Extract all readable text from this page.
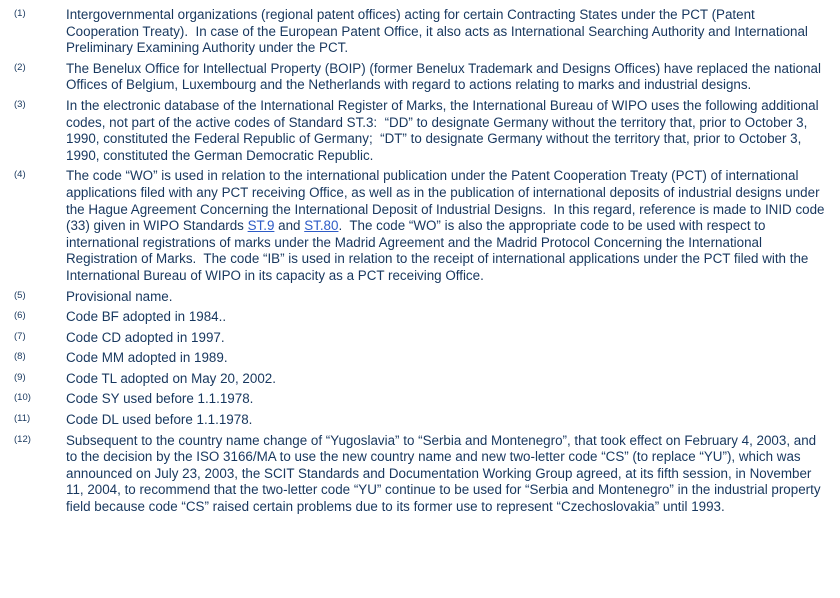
(1)	Intergovernmental organizations (regional patent offices) acting for certain Contracting States under the PCT (Patent Cooperation Treaty).  In case of the European Patent Office, it also acts as International Searching Authority and International Preliminary Examining Authority under the PCT.
(2)	The Benelux Office for Intellectual Property (BOIP) (former Benelux Trademark and Designs Offices) have replaced the national Offices of Belgium, Luxembourg and the Netherlands with regard to actions relating to marks and industrial designs.
(3)	In the electronic database of the International Register of Marks, the International Bureau of WIPO uses the following additional codes, not part of the active codes of Standard ST.3:  “DD” to designate Germany without the territory that, prior to October 3, 1990, constituted the Federal Republic of Germany;  “DT” to designate Germany without the territory that, prior to October 3, 1990, constituted the German Democratic Republic.
(4)	The code “WO” is used in relation to the international publication under the Patent Cooperation Treaty (PCT) of international applications filed with any PCT receiving Office, as well as in the publication of international deposits of industrial designs under the Hague Agreement Concerning the International Deposit of Industrial Designs.  In this regard, reference is made to INID code (33) given in WIPO Standards ST.9 and ST.80.  The code “WO” is also the appropriate code to be used with respect to international registrations of marks under the Madrid Agreement and the Madrid Protocol Concerning the International Registration of Marks.  The code “IB” is used in relation to the receipt of international applications under the PCT filed with the International Bureau of WIPO in its capacity as a PCT receiving Office.
(5)	Provisional name.
(6)	Code BF adopted in 1984..
(7)	Code CD adopted in 1997.
(8)	Code MM adopted in 1989.
(9)	Code TL adopted on May 20, 2002.
(10)	Code SY used before 1.1.1978.
(11)	Code DL used before 1.1.1978.
(12)	Subsequent to the country name change of “Yugoslavia” to “Serbia and Montenegro”, that took effect on February 4, 2003, and to the decision by the ISO 3166/MA to use the new country name and new two-letter code “CS” (to replace “YU”), which was announced on July 23, 2003, the SCIT Standards and Documentation Working Group agreed, at its fifth session, in November 11, 2004, to recommend that the two-letter code “YU” continue to be used for “Serbia and Montenegro” in the industrial property field because code “CS” raised certain problems due to its former use to represent “Czechoslovakia” until 1993.
